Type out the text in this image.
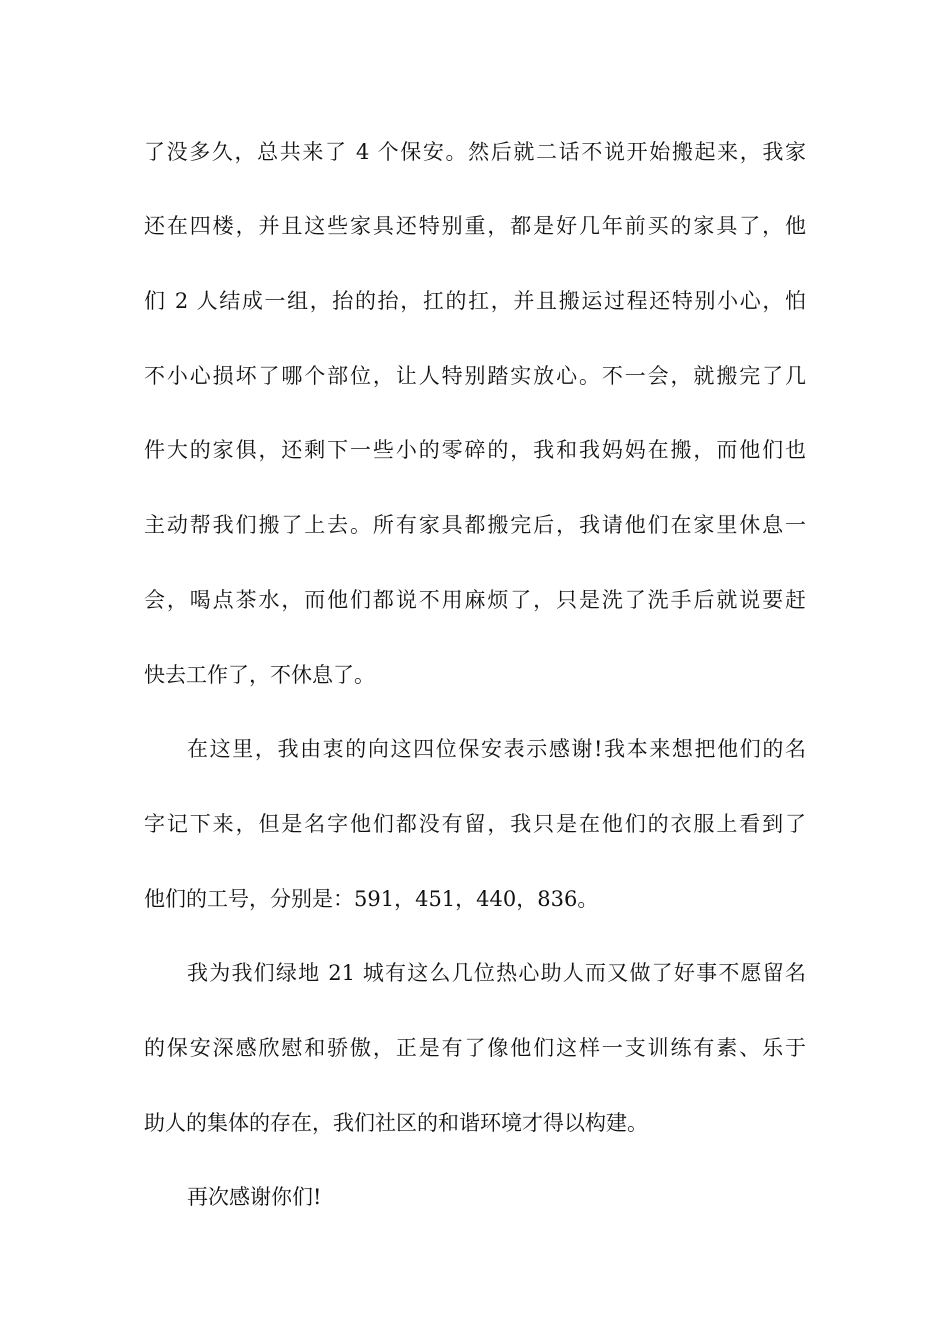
了没多久，总共来了 4 个保安。然后就二话不说开始搬起来，我家
还在四楼，并且这些家具还特别重，都是好几年前买的家具了，他
们 2 人结成一组，抬的抬，扛的扛，并且搬运过程还特别小心，怕
不小心损坏了哪个部位，让人特别踏实放心。不一会，就搬完了几
件大的家俱，还剩下一些小的零碎的，我和我妈妈在搬，而他们也
主动帮我们搬了上去。所有家具都搬完后，我请他们在家里休息一
会，喝点茶水，而他们都说不用麻烦了，只是洗了洗手后就说要赶
快去工作了，不休息了。
在这里，我由衷的向这四位保安表示感谢!我本来想把他们的名
字记下来，但是名字他们都没有留，我只是在他们的衣服上看到了
他们的工号，分别是：591，451，440，836。
我为我们绿地 21 城有这么几位热心助人而又做了好事不愿留名
的保安深感欣慰和骄傲，正是有了像他们这样一支训练有素、乐于
助人的集体的存在，我们社区的和谐环境才得以构建。
再次感谢你们!
